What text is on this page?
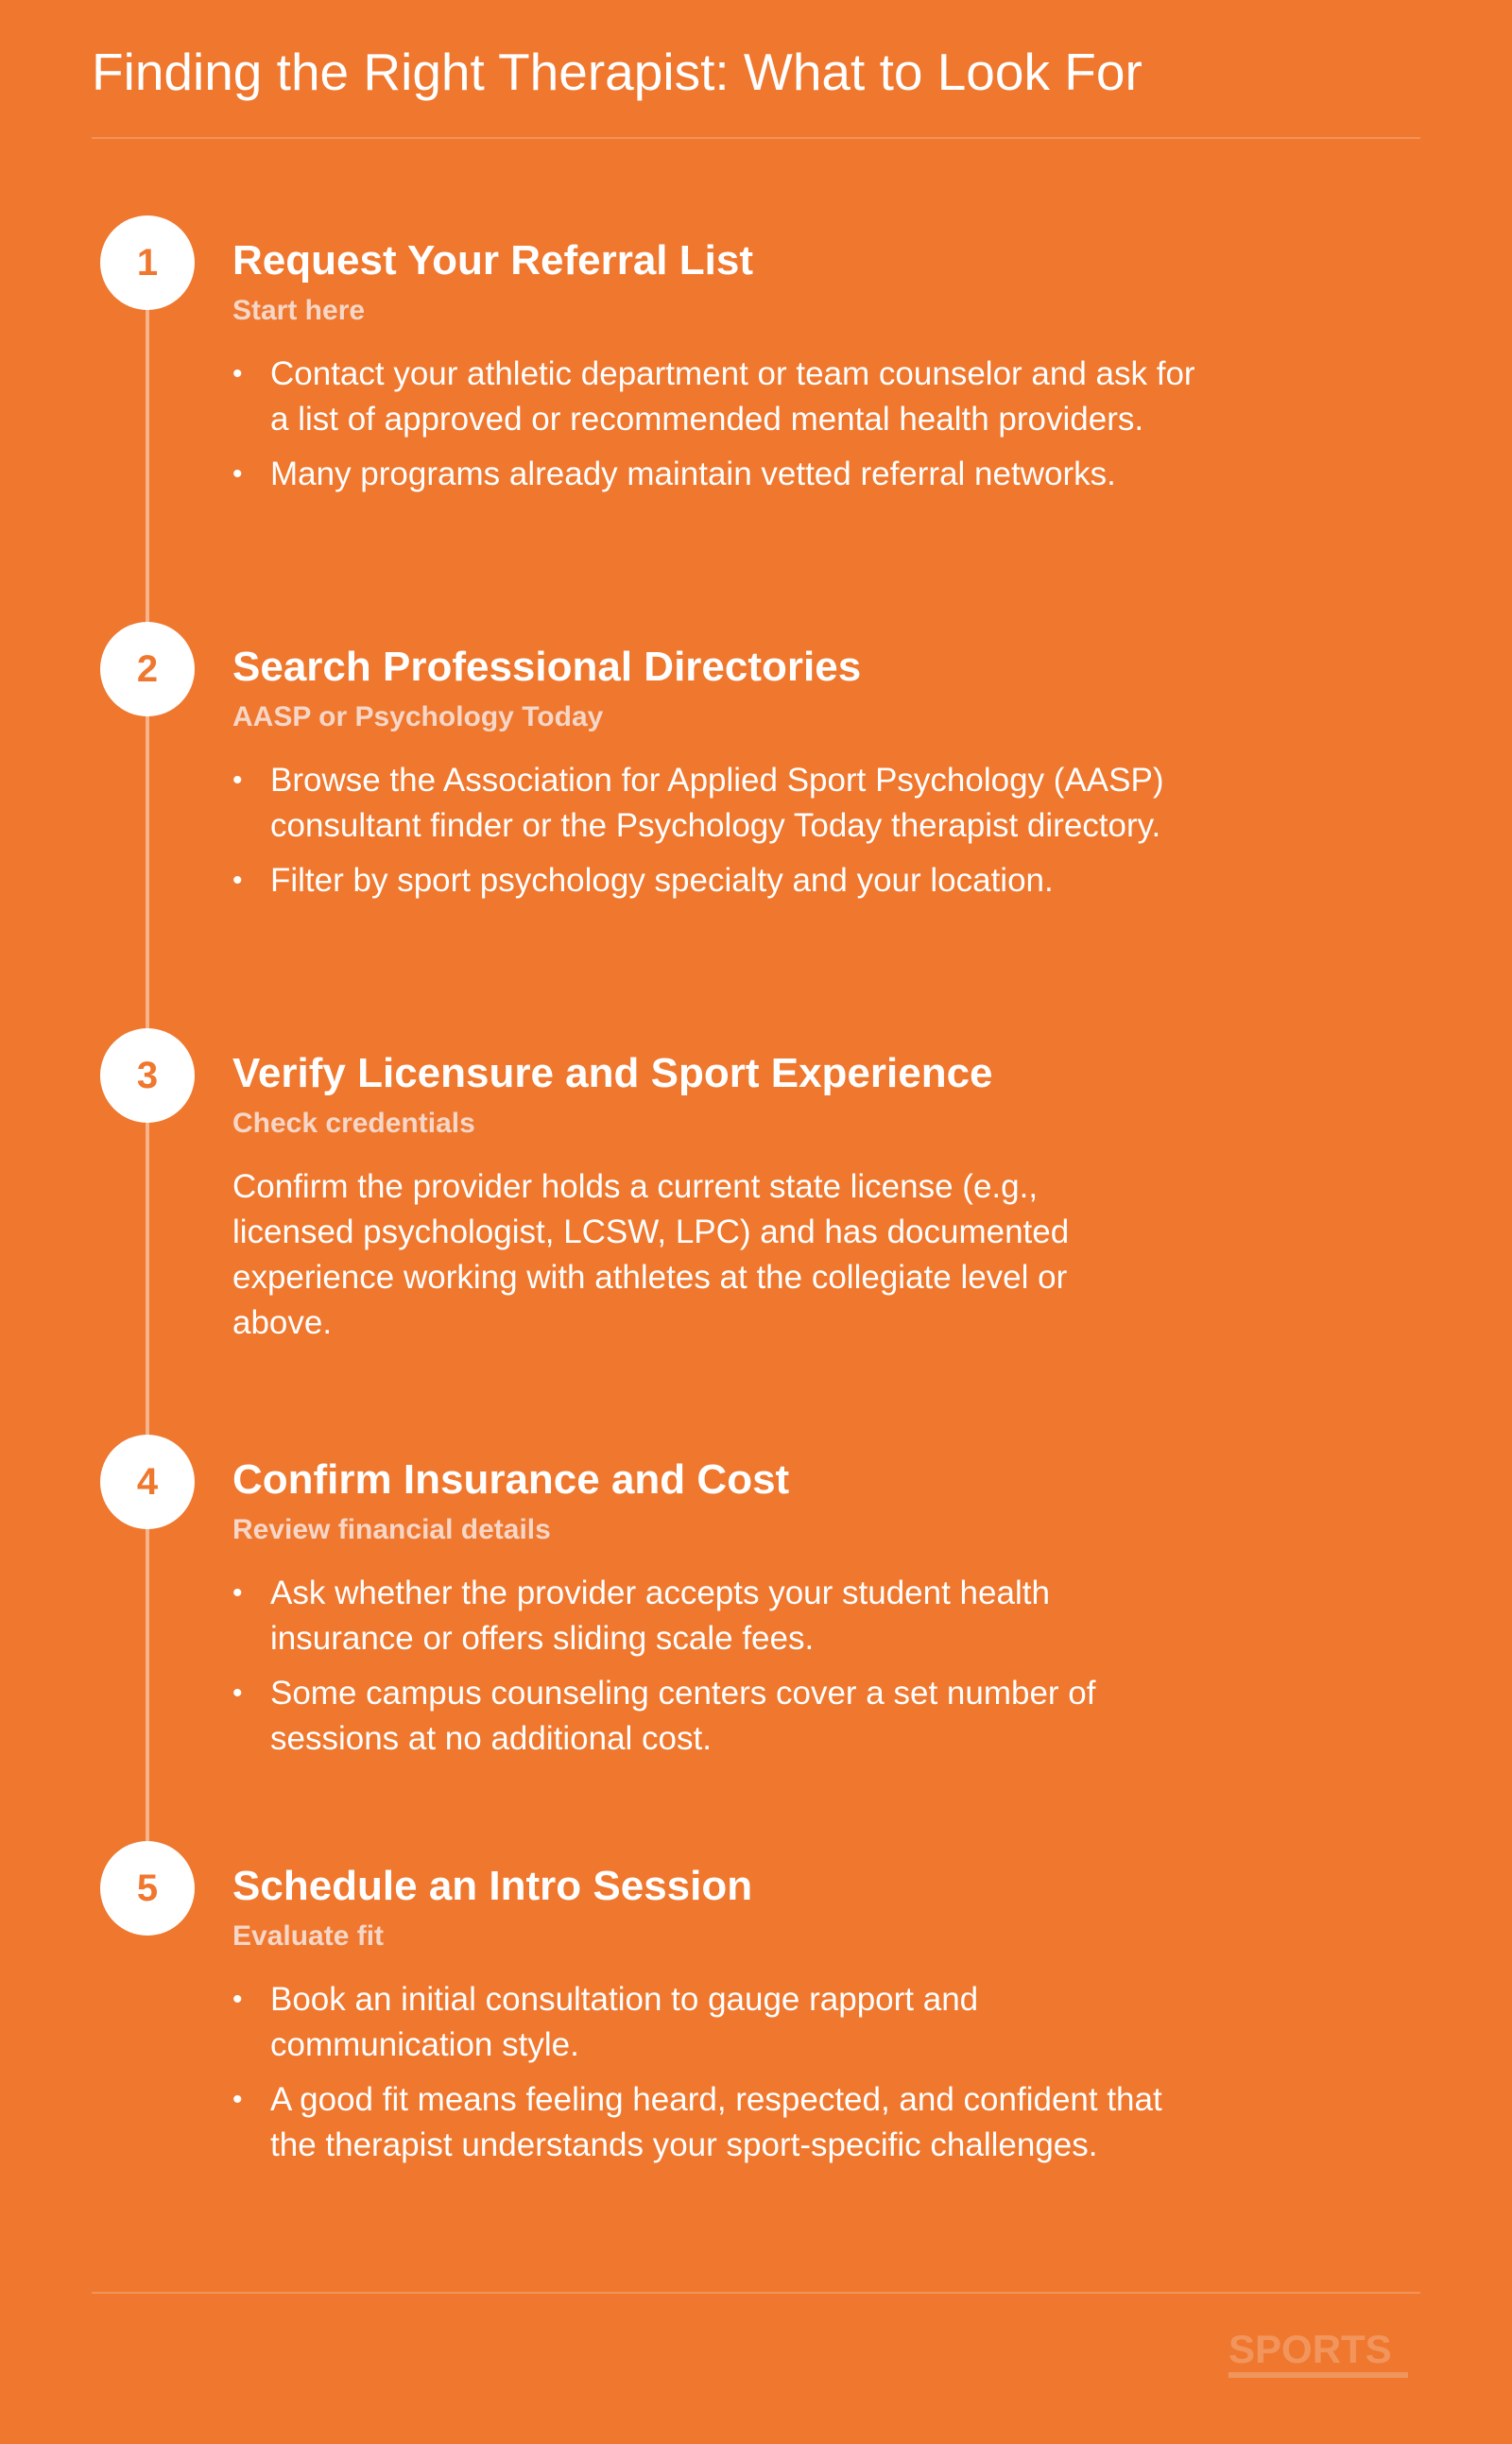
Finding the Right Therapist: What to Look For
1	Request Your Referral List
Start here
• Contact your athletic department or team counselor and ask for a list of approved or recommended mental health providers.
• Many programs already maintain vetted referral networks.
2	Search Professional Directories
AASP or Psychology Today
• Browse the Association for Applied Sport Psychology (AASP) consultant finder or the Psychology Today therapist directory.
• Filter by sport psychology specialty and your location.
3	Verify Licensure and Sport Experience
Check credentials

Confirm the provider holds a current state license (e.g., licensed psychologist, LCSW, LPC) and has documented experience working with athletes at the collegiate level or above.

4	Confirm Insurance and Cost
Review financial details
• Ask whether the provider accepts your student health insurance or offers sliding scale fees.
• Some campus counseling centers cover a set number of sessions at no additional cost.
5	Schedule an Intro Session
Evaluate fit
• Book an initial consultation to gauge rapport and communication style.
• A good fit means feeling heard, respected, and confident that the therapist understands your sport-specific challenges.
SPORTS
